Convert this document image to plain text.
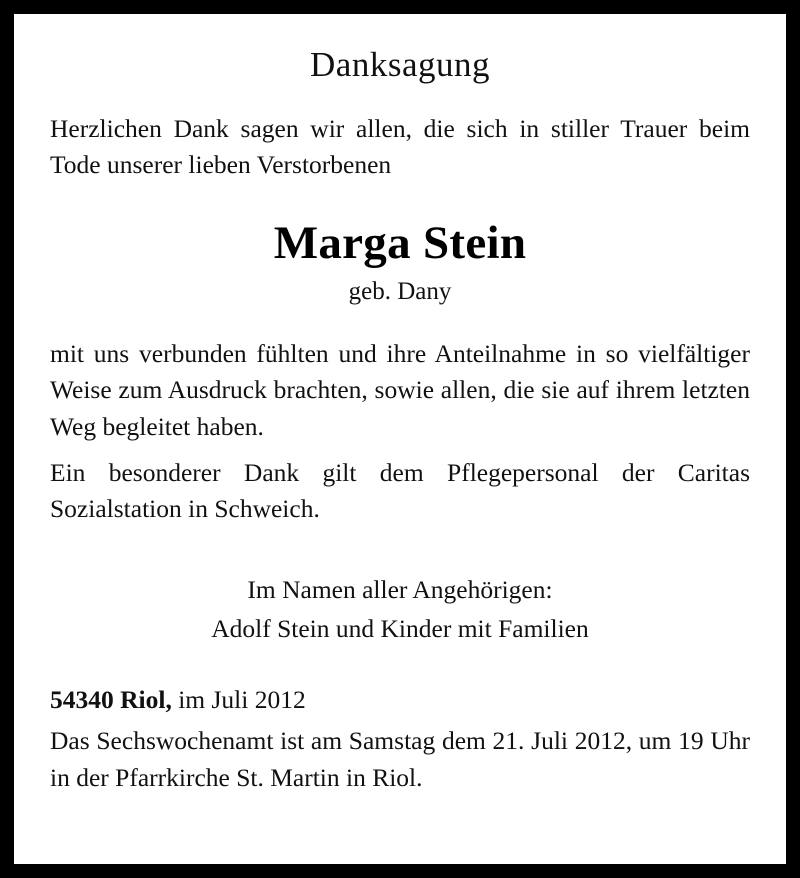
Danksagung

Herzlichen Dank sagen wir allen, die sich in stiller Trauer beim Tode unserer lieben Verstorbenen

Marga Stein
geb. Dany

mit uns verbunden fühlten und ihre Anteilnahme in so vielfältiger Weise zum Ausdruck brachten, sowie allen, die sie auf ihrem letzten Weg begleitet haben.

Ein besonderer Dank gilt dem Pflegepersonal der Caritas Sozialstation in Schweich.

Im Namen aller Angehörigen:
Adolf Stein und Kinder mit Familien
54340 Riol, im Juli 2012

Das Sechswochenamt ist am Samstag dem 21. Juli 2012, um 19 Uhr in der Pfarrkirche St. Martin in Riol.
